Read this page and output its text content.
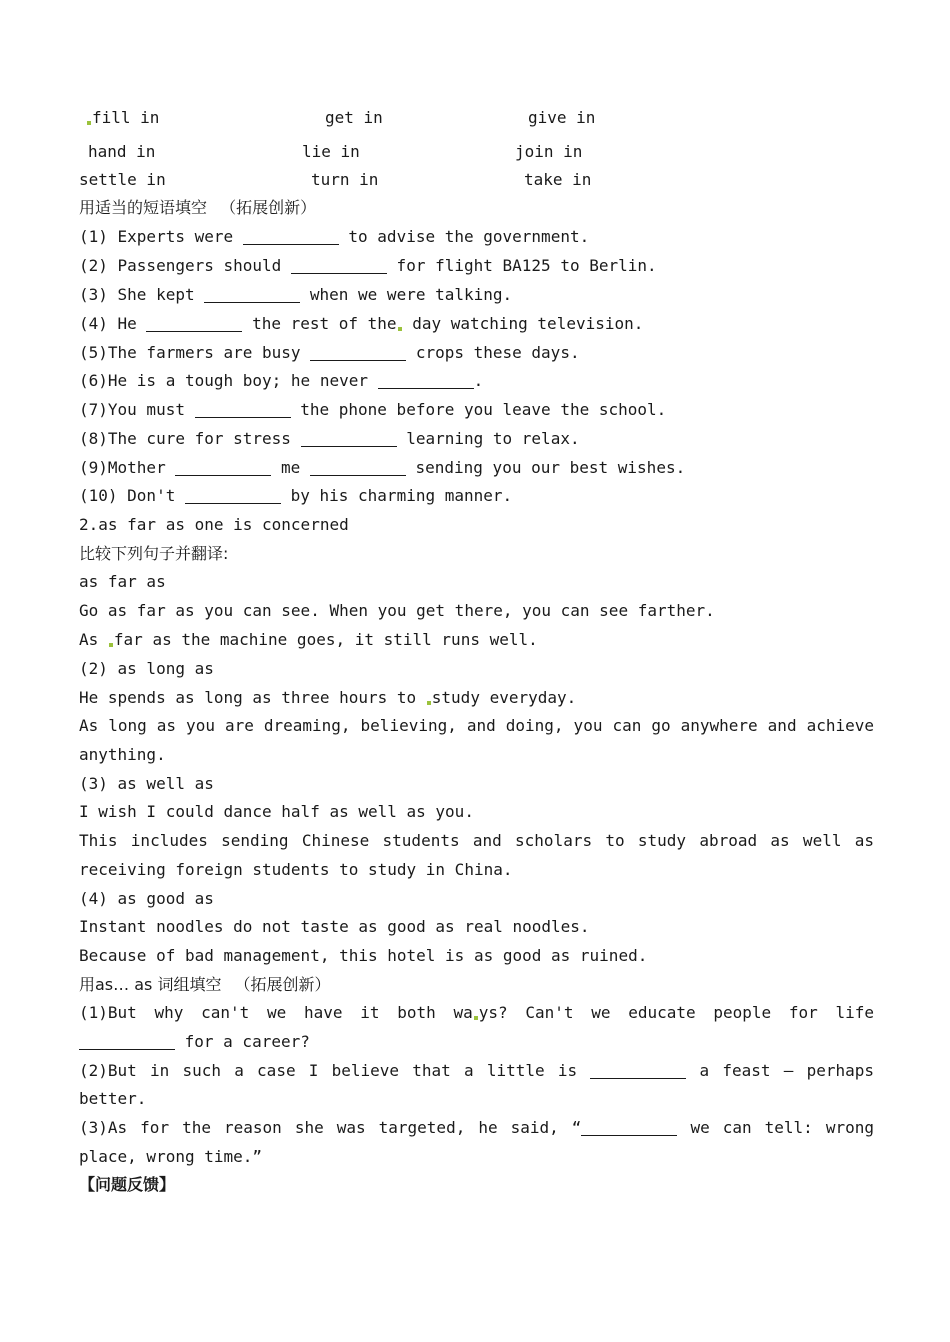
fill in	get in	give in
hand in	lie in	join in
settle in	turn in	take in
用适当的短语填空 　（拓展创新）
(1) Experts were	to advise the government.
(2) Passengers should	for flight BA125 to Berlin.
(3) She kept	when we were talking.
(4) He	the rest of the day watching television.
(5)The farmers are busy	crops these days.
(6)He is a tough boy; he never	.
(7)You must	the phone before you leave the school.
(8)The cure for stress	learning to relax.
(9)Mother	me	sending you our best wishes.
(10) Don't	by his charming manner.
2.as far as one is concerned
比较下列句子并翻译:
as far as
Go as far as you can see. When you get there, you can see farther.
As far as the machine goes, it still runs well.
(2) as long as
He spends as long as three hours to study everyday.
As long as you are dreaming, believing, and doing, you can go anywhere and achieve
anything.
(3) as well as
I wish I could dance half as well as you.
This includes sending Chinese students and scholars to study abroad as well as
receiving foreign students to study in China.
(4) as good as
Instant noodles do not taste as good as real noodles.
Because of bad management, this hotel is as good as ruined.
用as… as 词组填空 　（拓展创新）
(1)But why can't we have it both wa ys? Can't we educate people for life
for a career?
(2)But in such a case I believe that a little is	a feast — perhaps
better.
(3)As for the reason she was targeted, he said, “	we can tell: wrong
place, wrong time.”
【问题反馈】
